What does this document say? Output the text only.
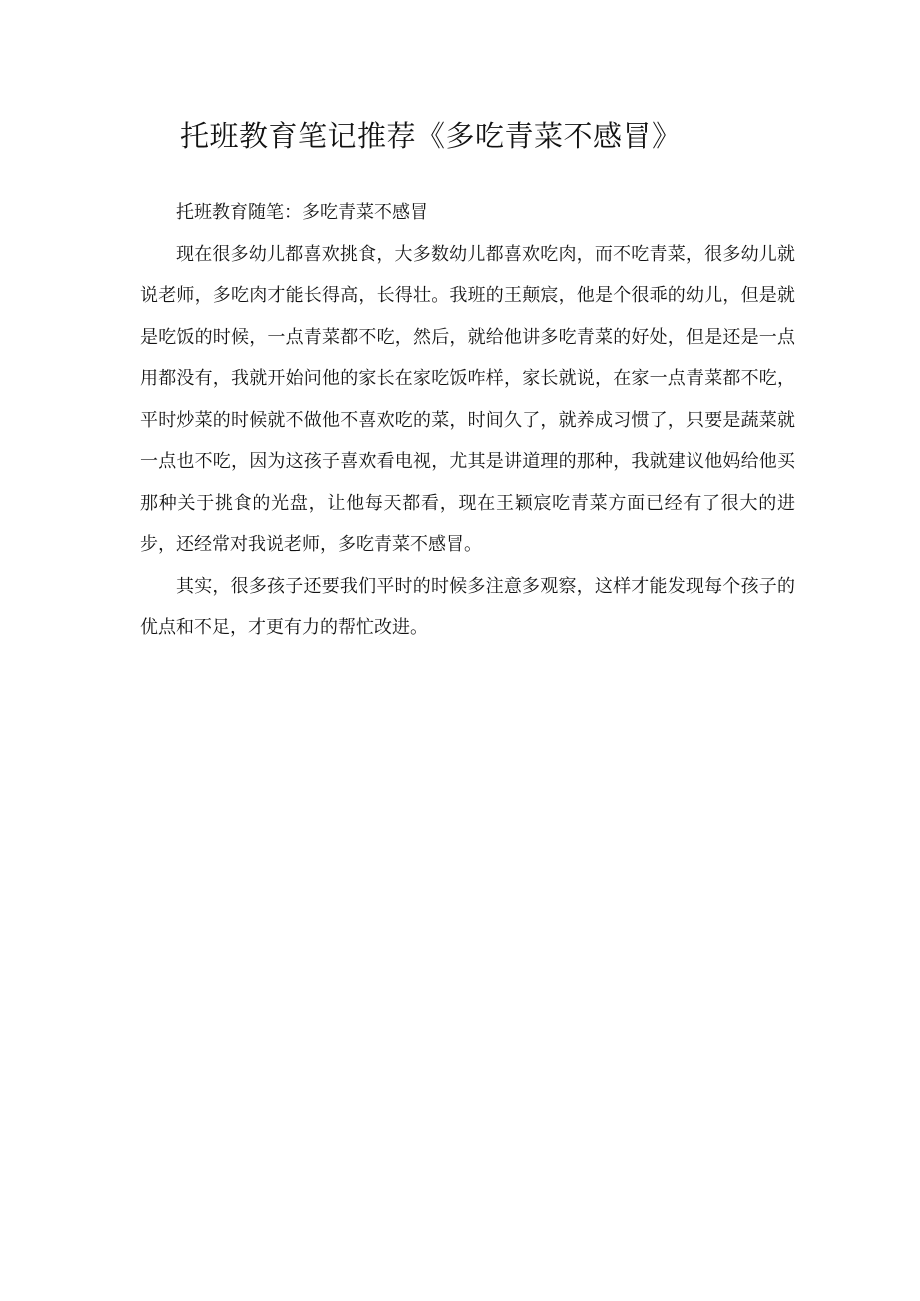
托班教育笔记推荐《多吃青菜不感冒》

托班教育随笔：多吃青菜不感冒

现在很多幼儿都喜欢挑食，大多数幼儿都喜欢吃肉，而不吃青菜，很多幼儿就说老师，多吃肉才能长得高，长得壮。我班的王颠宸，他是个很乖的幼儿，但是就是吃饭的时候，一点青菜都不吃，然后，就给他讲多吃青菜的好处，但是还是一点用都没有，我就开始问他的家长在家吃饭咋样，家长就说，在家一点青菜都不吃，平时炒菜的时候就不做他不喜欢吃的菜，时间久了，就养成习惯了，只要是蔬菜就一点也不吃，因为这孩子喜欢看电视，尤其是讲道理的那种，我就建议他妈给他买那种关于挑食的光盘，让他每天都看，现在王颖宸吃青菜方面已经有了很大的进步，还经常对我说老师，多吃青菜不感冒。

其实，很多孩子还要我们平时的时候多注意多观察，这样才能发现每个孩子的优点和不足，才更有力的帮忙改进。
